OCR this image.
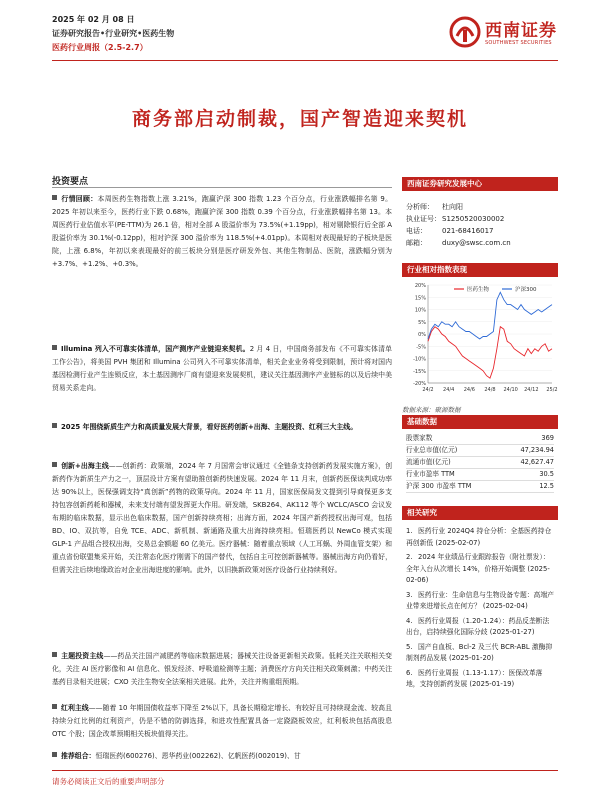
2025 年 02 月 08 日
证券研究报告•行业研究•医药生物
医药行业周报（2.5-2.7）
西南证券
SOUTHWEST SECURITIES
商务部启动制裁，国产智造迎来契机
投资要点
行情回顾：本周医药生物指数上涨 3.21%，跑赢沪深 300 指数 1.23 个百分点，行业涨跌幅排名第 9。2025 年初以来至今，医药行业下跌 0.68%，跑赢沪深 300 指数 0.39 个百分点，行业涨跌幅排名第 13。本周医药行业估值水平(PE-TTM)为 26.1 倍，相对全部 A 股溢价率为 73.5%(+1.19pp)，相对剔除银行后全部 A 股溢价率为 30.1%(-0.12pp)，相对沪深 300 溢价率为 118.5%(+4.01pp)。本周相对表现最好的子板块是医院，上涨 6.8%，年初以来表现最好的前三板块分别是医疗研发外包、其他生物制品、医院，涨跌幅分别为+3.7%、+1.2%、+0.3%。
Illumina 列入不可靠实体清单，国产测序产业链迎来契机。2 月 4 日，中国商务部发布《不可靠实体清单工作公告》，将美国 PVH 集团和 Illumina 公司列入不可靠实体清单，相关企业业务将受到限制，预计将对国内基因检测行业产生连锁反应，本土基因测序厂商有望迎来发展契机，建议关注基因测序产业链标的以及后续中美贸易关系走向。
2025 年围绕新质生产力和高质量发展大背景，看好医药创新+出海、主题投资、红利三大主线。
创新+出海主线——创新药：政策端，2024 年 7 月国常会审议通过《全链条支持创新药发展实施方案》，创新药作为新质生产力之一，顶层设计方案有望助推创新药快速发展。2024 年 11 月末，创新药医保谈判成功率达 90%以上，医保强调支持“真创新”药物的政策导向。2024 年 11 月，国家医保局发文提到引导商保更多支持包容创新药耗和器械，未来支付端有望发挥更大作用。研发端，SKB264、AK112 等个 WCLC/ASCO 会议发布期的临床数据，显示出色临床数据，国产创新持续亮相；出海方面，2024 年国产新药授权出海可观，包括 BD、IO、双抗等，自免 TCE、ADC、新机制、新通路及重大出海持续亮相。恒瑞医药以 NewCo 模式实现 GLP-1 产品组合授权出海，交易总金额超 60 亿美元。医疗器械：随着重点领域（人工耳蜗、外周血管支架）和重点省份联盟集采开始，关注常态化医疗刚需下的国产替代，包括自主可控创新器械等。器械出海方向仍看好，但需关注后续地缘政治对企业出海进度的影响。此外，以旧换新政策对医疗设备行业持续利好。
主题投资主线——药品关注国产减肥药等临床数据进展；器械关注设备更新相关政策。低耗关注关联相关变化，关注 AI 医疗影像和 AI 信息化、银发经济、呼吸道检测等主题；消费医疗方向关注相关政策刺激；中药关注基药目录相关进展；CXO 关注生物安全法案相关进展。此外，关注并购重组预期。
红利主线——随着 10 年期国债收益率下降至 2%以下，具备长期稳定增长、有较好且可持续现金流、较高且持续分红比例的红利资产，仍是不错的防御选择，和进攻性配置具备一定跷跷板效应，红利板块包括高股息 OTC 个股；国企改革预期相关板块值得关注。
推荐组合：恒瑞医药(600276)、恩华药业(002262)、亿帆医药(002019)、甘
西南证券研究发展中心
分析师： 杜向阳
执业证号：S1250520030002
电话： 021-68416017
邮箱： duxy@swsc.com.cn
行业相对指数表现
20%
15%
10%
5%
0%
-5%
-10%
-15%
-20%
24/2 24/4 24/6 24/8 24/10 24/12 25/2
医药生物	沪深300
数据来源：聚源数据
基础数据
股票家数	369
行业总市值(亿元)	47,234.94
流通市值(亿元)	42,627.47
行业市盈率 TTM	30.5
沪深 300 市盈率 TTM	12.5
相关研究
1. 医药行业 2024Q4 持仓分析：全基医药持仓再创新低 (2025-02-07)
2. 2024 年业绩品行业跟踪报告（附社票发）：全年入台从次增长 14%，价格开始调整 (2025-02-06)
3. 医药行业：生命信息与生物设备专题：高端产业带来进增长点在何方？ (2025-02-04)
4. 医药行业周报（1.20-1.24）：药品反垄断法出台，启持续强化国际分歧 (2025-01-27)
5. 国产自血板、Bcl-2 及三代 BCR-ABL 激酶抑制剂药品发展 (2025-01-20)
6. 医药行业周报（1.13-1.17）：医保改革落地，支持创新药发展 (2025-01-19)
请务必阅读正文后的重要声明部分
